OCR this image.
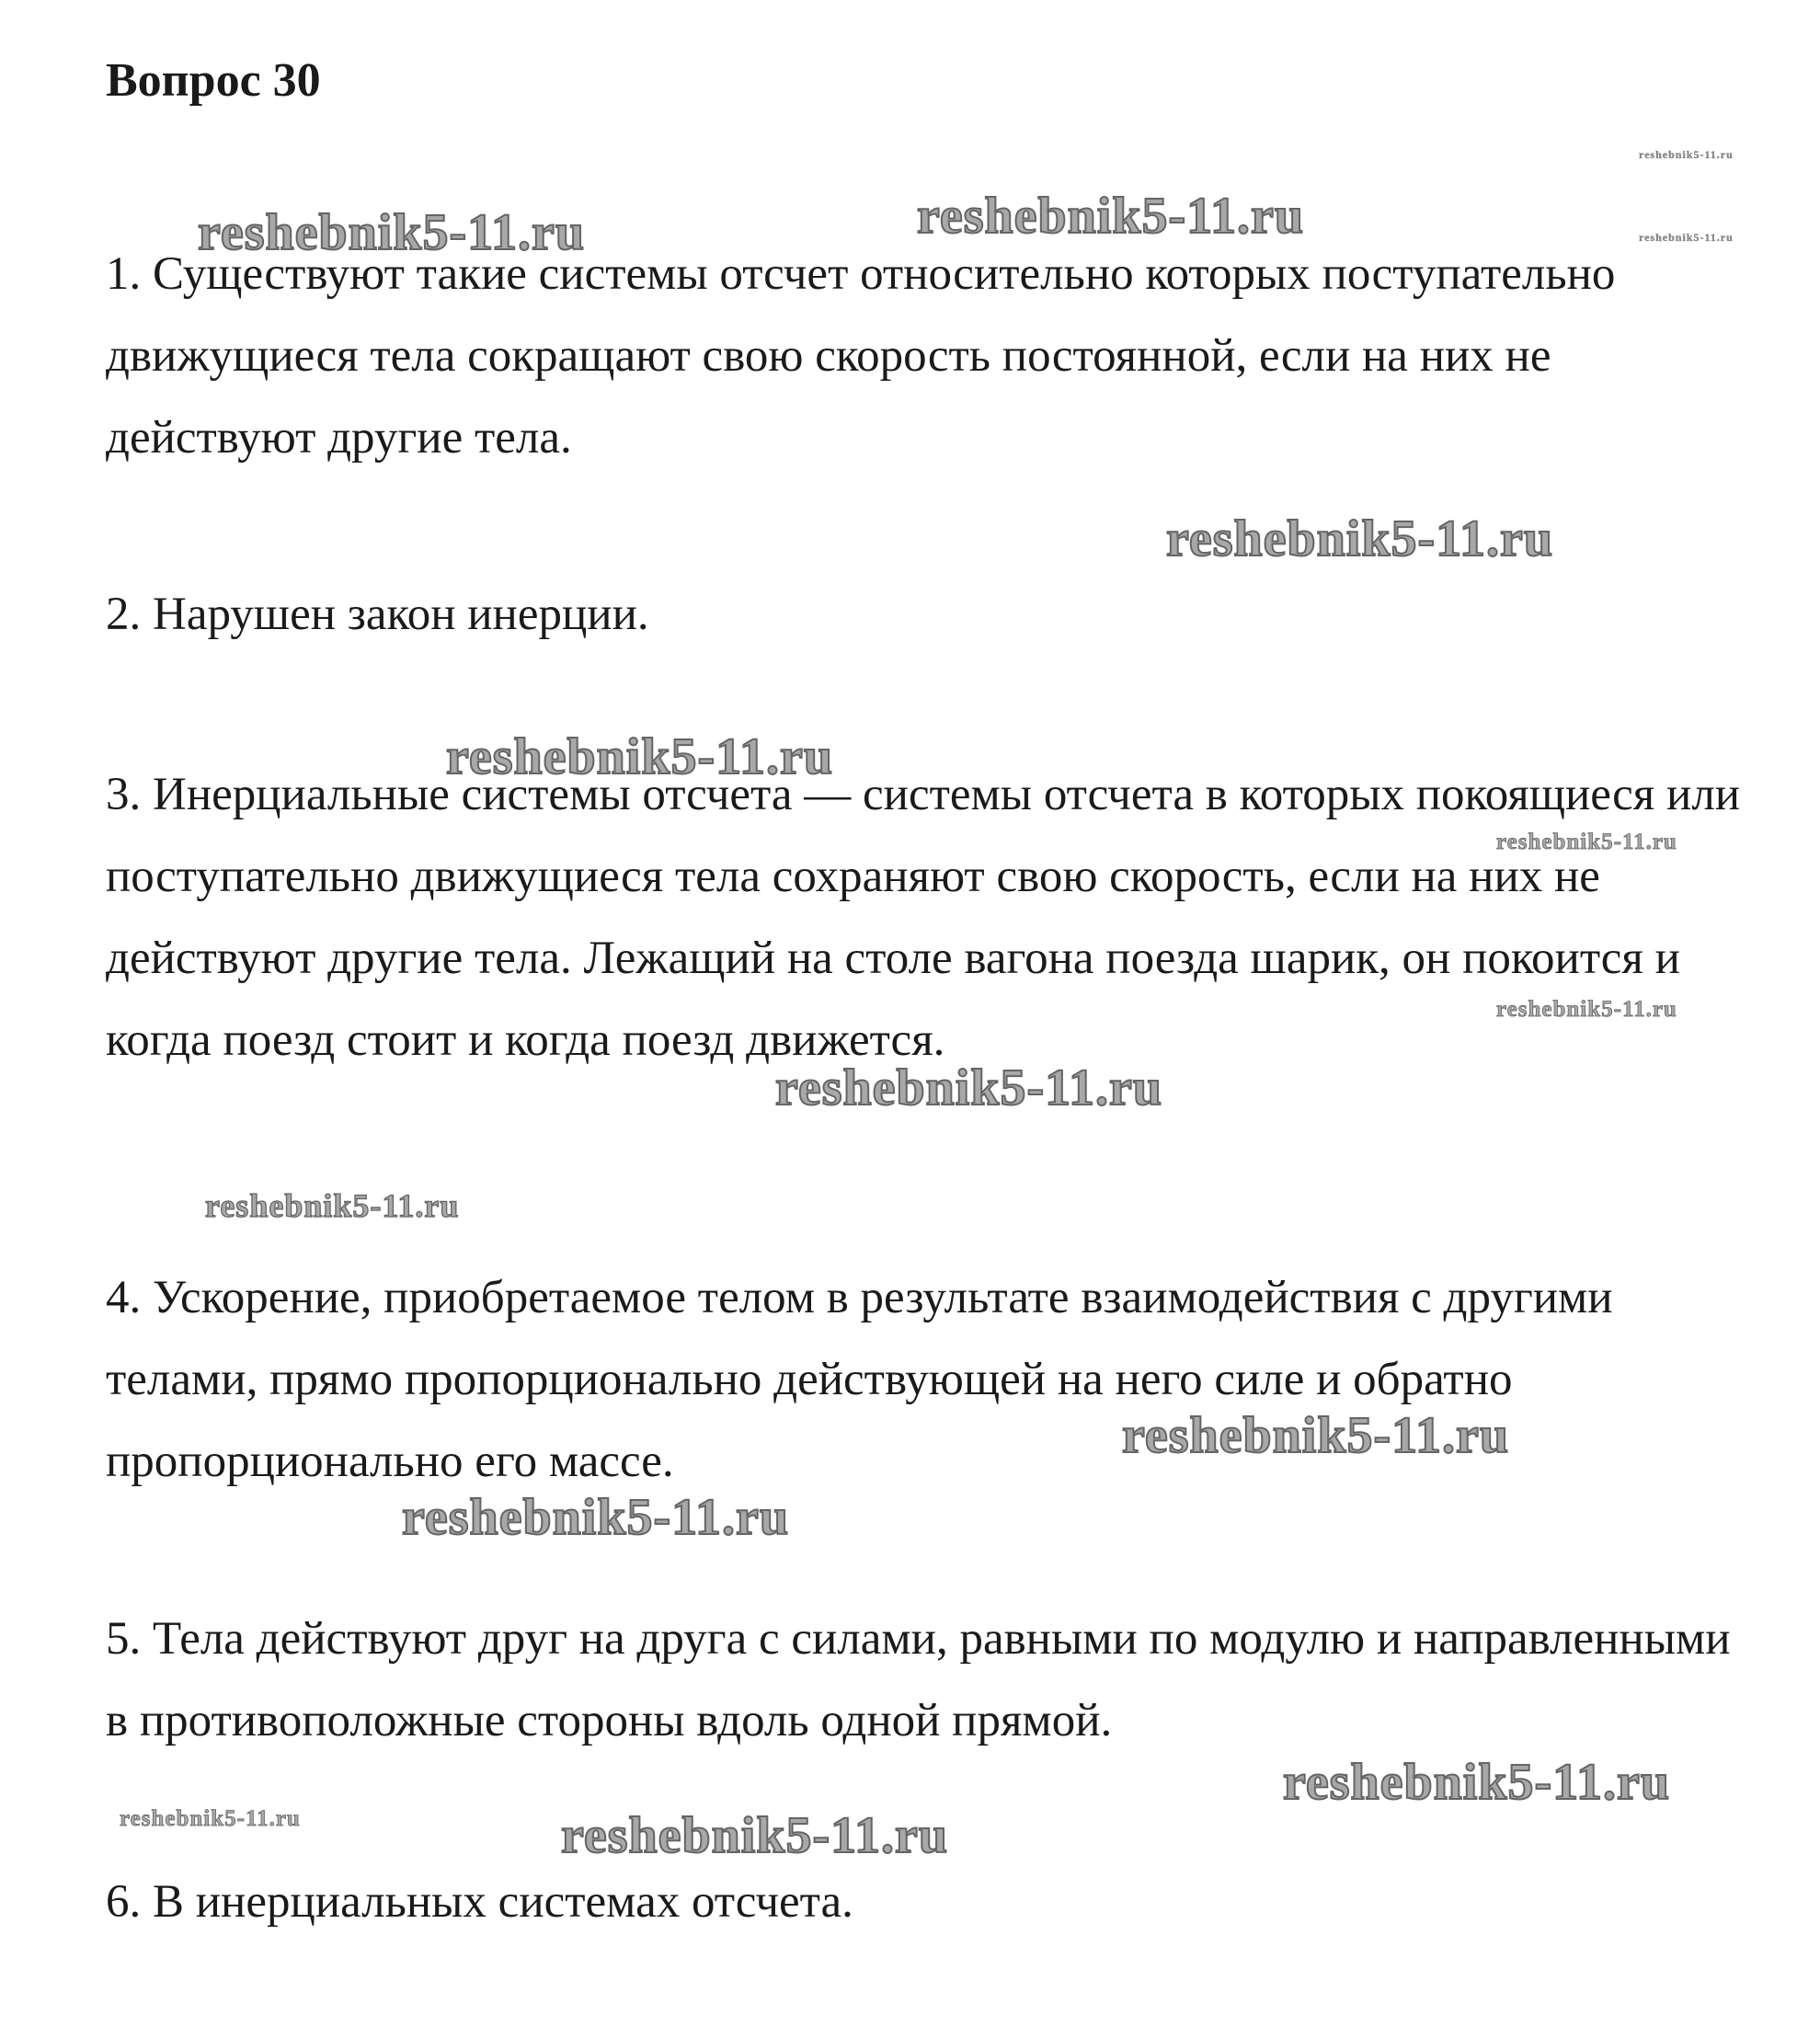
Вопрос 30

1. Существуют такие системы отсчет относительно которых поступательно движущиеся тела сокращают свою скорость постоянной, если на них не действуют другие тела.

2. Нарушен закон инерции.

3. Инерциальные системы отсчета — системы отсчета в которых покоящиеся или поступательно движущиеся тела сохраняют свою скорость, если на них не действуют другие тела. Лежащий на столе вагона поезда шарик, он покоится и когда поезд стоит и когда поезд движется.

4. Ускорение, приобретаемое телом в результате взаимодействия с другими телами, прямо пропорционально действующей на него силе и обратно пропорционально его массе.

5. Тела действуют друг на друга с силами, равными по модулю и направленными в противоположные стороны вдоль одной прямой.

6. В инерциальных системах отсчета.

reshebnik5-11.ru
reshebnik5-11.ru
reshebnik5-11.ru	reshebnik5-11.ru
reshebnik5-11.ru
reshebnik5-11.ru
reshebnik5-11.ru
reshebnik5-11.ru
reshebnik5-11.ru
reshebnik5-11.ru
reshebnik5-11.ru
reshebnik5-11.ru
reshebnik5-11.ru
reshebnik5-11.ru	reshebnik5-11.ru
